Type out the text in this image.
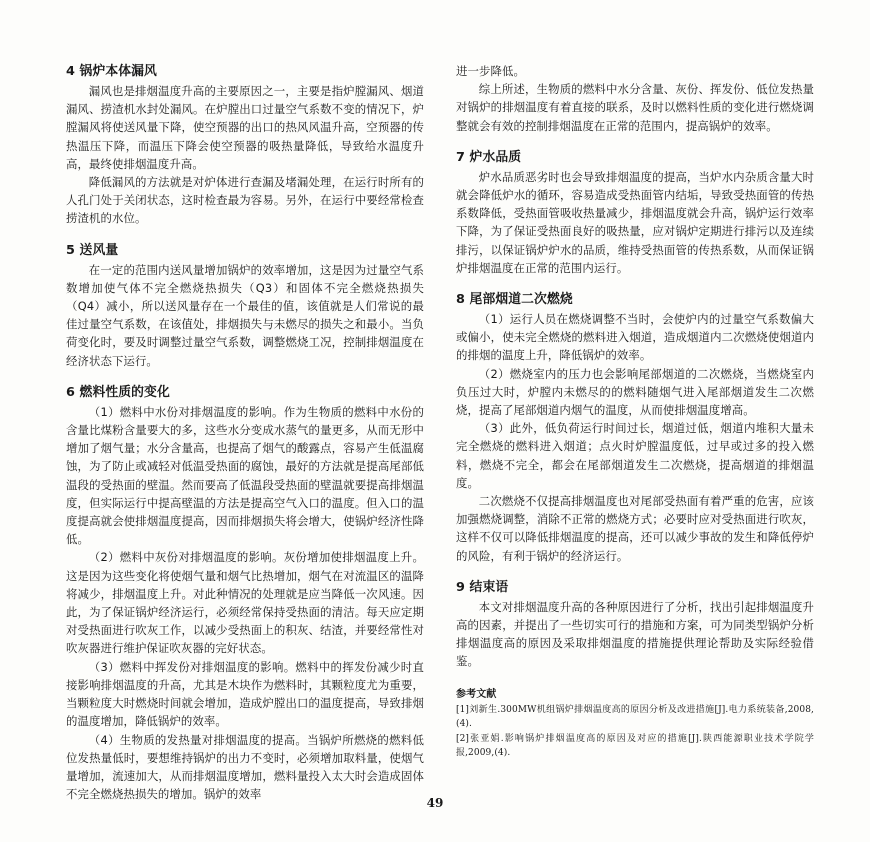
4 锅炉本体漏风

漏风也是排烟温度升高的主要原因之一，主要是指炉膛漏风、烟道漏风、捞渣机水封处漏风。在炉膛出口过量空气系数不变的情况下，炉膛漏风将使送风量下降，使空预器的出口的热风风温升高，空预器的传热温压下降，而温压下降会使空预器的吸热量降低，导致给水温度升高，最终使排烟温度升高。

降低漏风的方法就是对炉体进行查漏及堵漏处理，在运行时所有的人孔门处于关闭状态，这时检查最为容易。另外，在运行中要经常检查捞渣机的水位。

5 送风量

在一定的范围内送风量增加锅炉的效率增加，这是因为过量空气系数增加使气体不完全燃烧热损失（Q3）和固体不完全燃烧热损失（Q4）减小，所以送风量存在一个最佳的值，该值就是人们常说的最佳过量空气系数，在该值处，排烟损失与未燃尽的损失之和最小。当负荷变化时，要及时调整过量空气系数，调整燃烧工况，控制排烟温度在经济状态下运行。

6 燃料性质的变化

（1）燃料中水份对排烟温度的影响。作为生物质的燃料中水份的含量比煤粉含量要大的多，这些水分变成水蒸气的量更多，从而无形中增加了烟气量；水分含量高，也提高了烟气的酸露点，容易产生低温腐蚀，为了防止或减轻对低温受热面的腐蚀，最好的方法就是提高尾部低温段的受热面的壁温。然而要高了低温段受热面的壁温就要提高排烟温度，但实际运行中提高壁温的方法是提高空气入口的温度。但入口的温度提高就会使排烟温度提高，因而排烟损失将会增大，使锅炉经济性降低。

（2）燃料中灰份对排烟温度的影响。灰份增加使排烟温度上升。这是因为这些变化将使烟气量和烟气比热增加，烟气在对流温区的温降将减少，排烟温度上升。对此种情况的处理就是应当降低一次风速。因此，为了保证锅炉经济运行，必须经常保持受热面的清洁。每天应定期对受热面进行吹灰工作，以减少受热面上的积灰、结渣，并要经常性对吹灰器进行维护保证吹灰器的完好状态。

（3）燃料中挥发份对排烟温度的影响。燃料中的挥发份减少时直接影响排烟温度的升高，尤其是木块作为燃料时，其颗粒度尤为重要，当颗粒度大时燃烧时间就会增加，造成炉膛出口的温度提高，导致排烟的温度增加，降低锅炉的效率。

（4）生物质的发热量对排烟温度的提高。当锅炉所燃烧的燃料低位发热量低时，要想维持锅炉的出力不变时，必须增加取料量，使烟气量增加，流速加大，从而排烟温度增加，燃料量投入太大时会造成固体不完全燃烧热损失的增加。锅炉的效率

进一步降低。

综上所述，生物质的燃料中水分含量、灰份、挥发份、低位发热量对锅炉的排烟温度有着直接的联系，及时以燃料性质的变化进行燃烧调整就会有效的控制排烟温度在正常的范围内，提高锅炉的效率。

7 炉水品质

炉水品质恶劣时也会导致排烟温度的提高，当炉水内杂质含量大时就会降低炉水的循环，容易造成受热面管内结垢，导致受热面管的传热系数降低，受热面管吸收热量减少，排烟温度就会升高，锅炉运行效率下降，为了保证受热面良好的吸热量，应对锅炉定期进行排污以及连续排污，以保证锅炉炉水的品质，维持受热面管的传热系数，从而保证锅炉排烟温度在正常的范围内运行。

8 尾部烟道二次燃烧

（1）运行人员在燃烧调整不当时，会使炉内的过量空气系数偏大或偏小，使未完全燃烧的燃料进入烟道，造成烟道内二次燃烧使烟道内的排烟的温度上升，降低锅炉的效率。

（2）燃烧室内的压力也会影响尾部烟道的二次燃烧，当燃烧室内负压过大时，炉膛内未燃尽的的燃料随烟气进入尾部烟道发生二次燃烧，提高了尾部烟道内烟气的温度，从而使排烟温度增高。

（3）此外，低负荷运行时间过长，烟道过低，烟道内堆积大量未完全燃烧的燃料进入烟道；点火时炉膛温度低，过早或过多的投入燃料，燃烧不完全，都会在尾部烟道发生二次燃烧，提高烟道的排烟温度。

二次燃烧不仅提高排烟温度也对尾部受热面有着严重的危害，应该加强燃烧调整，消除不正常的燃烧方式；必要时应对受热面进行吹灰，这样不仅可以降低排烟温度的提高，还可以减少事故的发生和降低停炉的风险，有利于锅炉的经济运行。

9 结束语

本文对排烟温度升高的各种原因进行了分析，找出引起排烟温度升高的因素，并提出了一些切实可行的措施和方案，可为同类型锅炉分析排烟温度高的原因及采取排烟温度的措施提供理论帮助及实际经验借鉴。

参考文献

[1]刘新生.300MW机组锅炉排烟温度高的原因分析及改进措施[J].电力系统装备,2008,(4).

[2]张亚娟.影响锅炉排烟温度高的原因及对应的措施[J].陕西能源职业技术学院学报,2009,(4).

49
